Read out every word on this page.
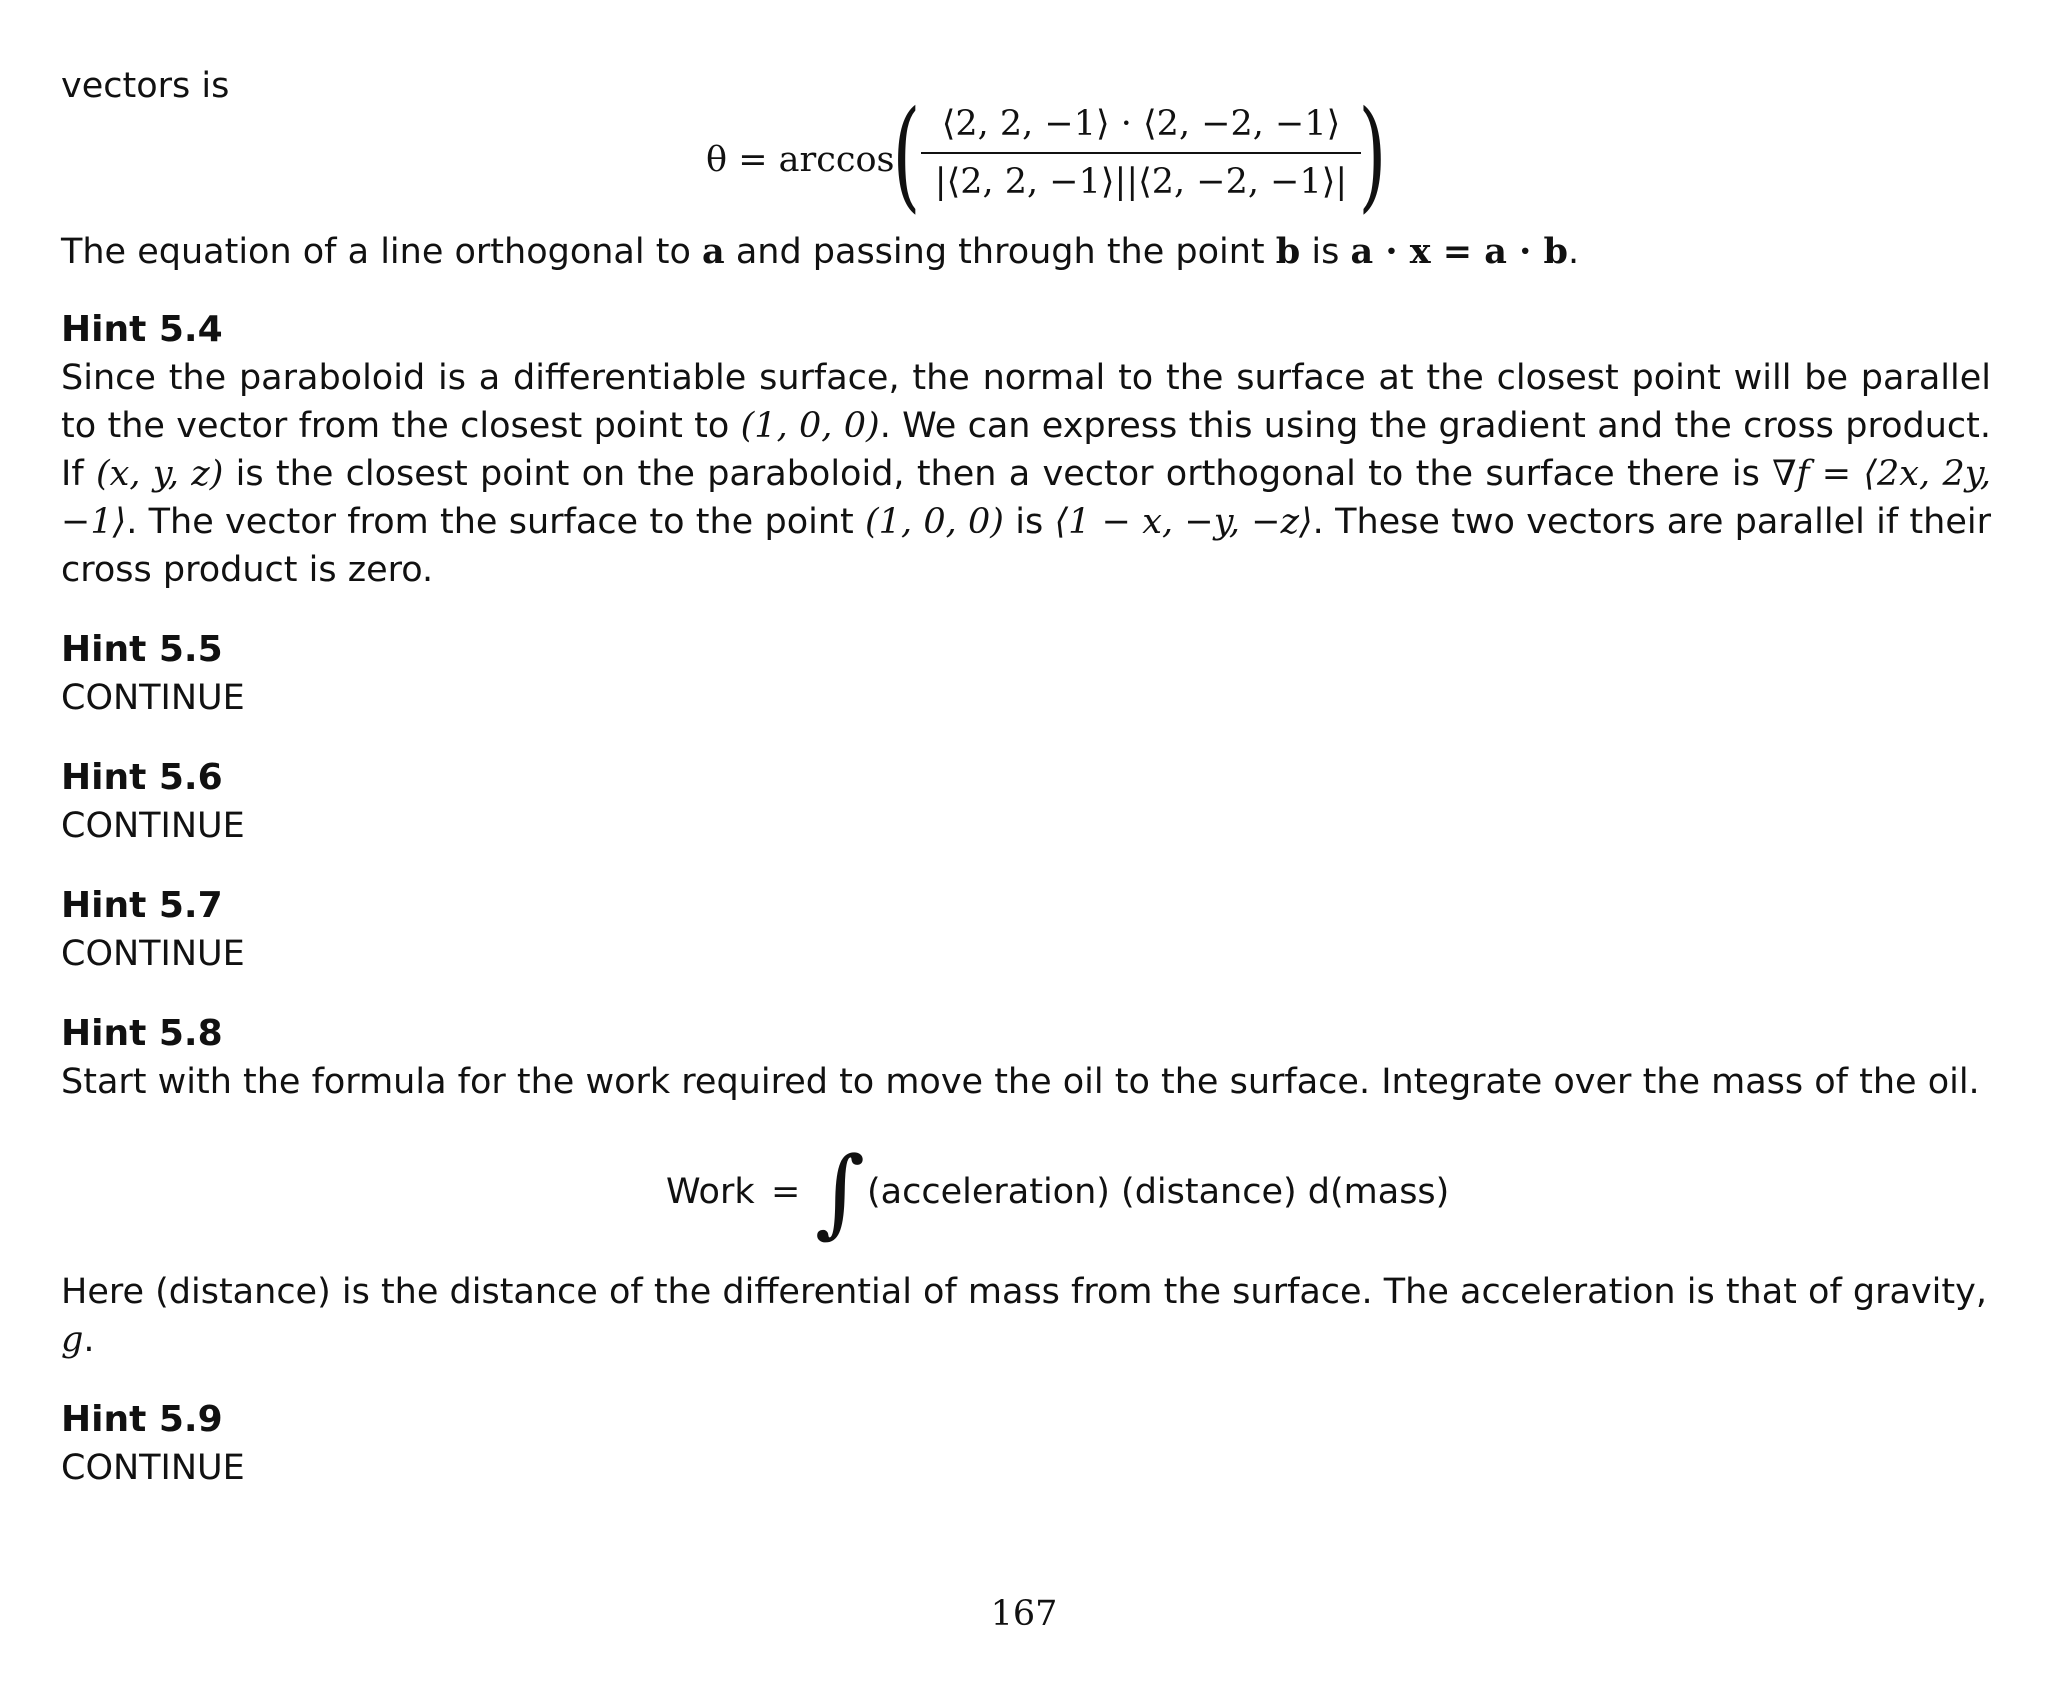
vectors is

θ = arccos
( ⟨2, 2, −1⟩ · ⟨2, −2, −1⟩
|⟨2, 2, −1⟩||⟨2, −2, −1⟩| )

The equation of a line orthogonal to a and passing through the point b is a · x = a · b.

Hint 5.4

Since the paraboloid is a differentiable surface, the normal to the surface at the closest point will be parallel to the vector from the closest point to (1, 0, 0). We can express this using the gradient and the cross product. If (x, y, z) is the closest point on the paraboloid, then a vector orthogonal to the surface there is ∇f = ⟨2x, 2y, −1⟩. The vector from the surface to the point (1, 0, 0) is ⟨1 − x, −y, −z⟩. These two vectors are parallel if their cross product is zero.

Hint 5.5

CONTINUE

Hint 5.6

CONTINUE

Hint 5.7

CONTINUE

Hint 5.8

Start with the formula for the work required to move the oil to the surface. Integrate over the mass of the oil.

Work = ∫ (acceleration) (distance) d(mass)

Here (distance) is the distance of the differential of mass from the surface. The acceleration is that of gravity, g.

Hint 5.9

CONTINUE

167
